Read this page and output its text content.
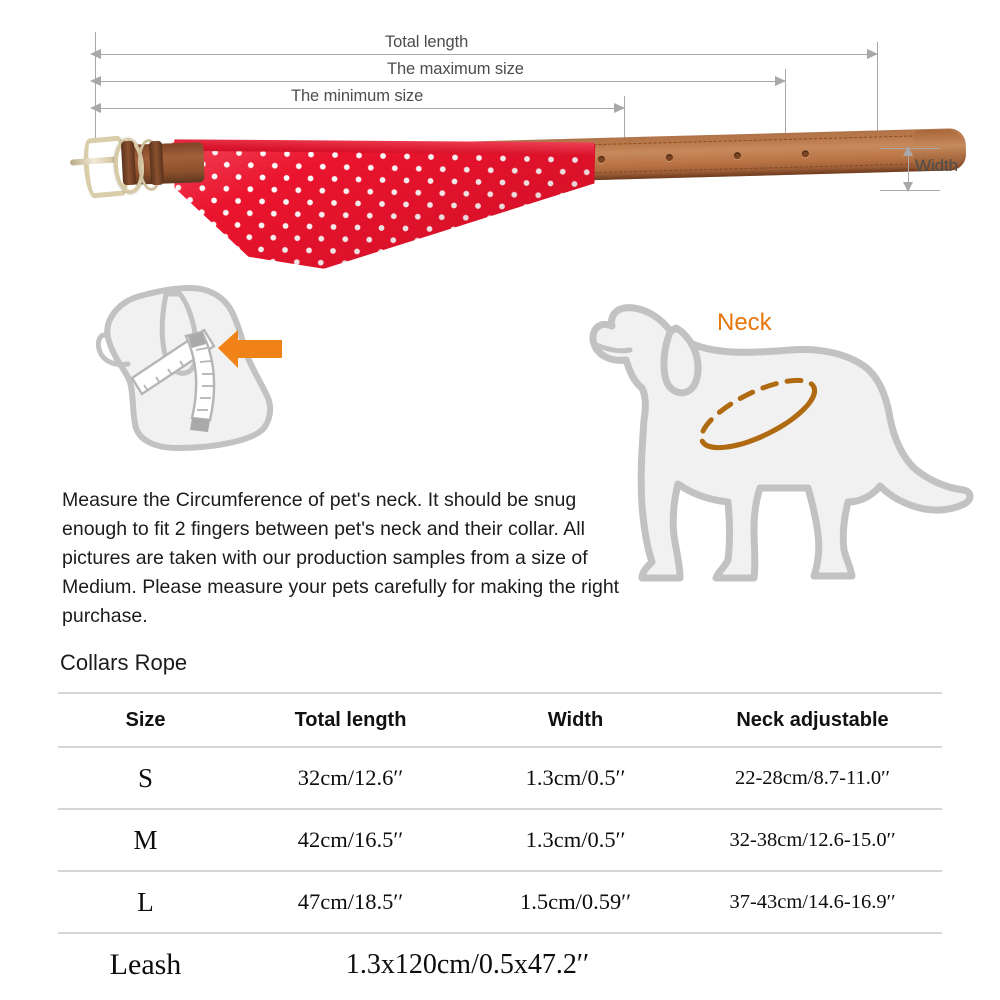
Total length
The maximum size
The minimum size
Width
Neck

Measure the Circumference of pet's neck. It should be snug enough to fit 2 fingers between pet's neck and their collar. All pictures are taken with our production samples from a size of Medium. Please measure your pets carefully for making the right purchase.

Collars Rope
Size	Total length	Width	Neck adjustable
S	32cm/12.6′′	1.3cm/0.5′′	22-28cm/8.7-11.0′′
M	42cm/16.5′′	1.3cm/0.5′′	32-38cm/12.6-15.0′′
L	47cm/18.5′′	1.5cm/0.59′′	37-43cm/14.6-16.9′′
Leash	1.3x120cm/0.5x47.2′′		
